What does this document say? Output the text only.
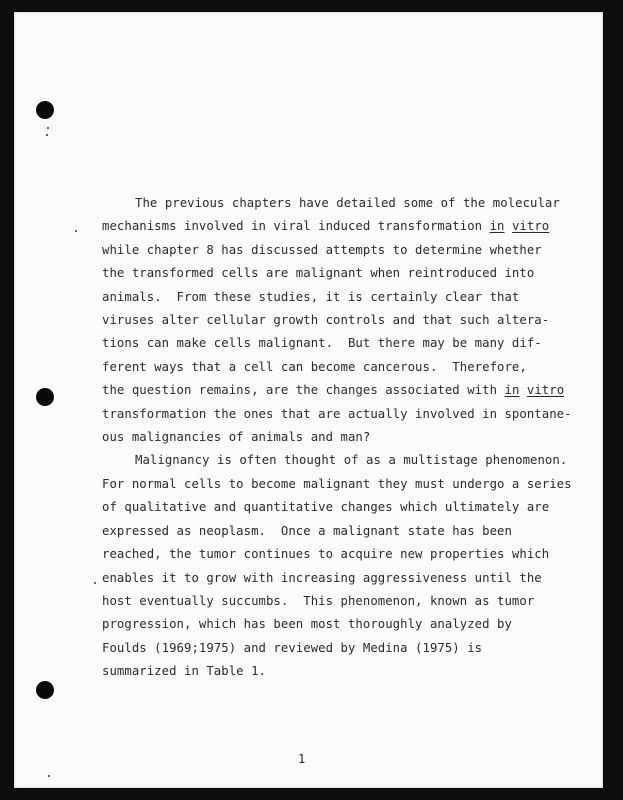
The previous chapters have detailed some of the molecular
mechanisms involved in viral induced transformation in vitro
while chapter 8 has discussed attempts to determine whether
the transformed cells are malignant when reintroduced into
animals.  From these studies, it is certainly clear that
viruses alter cellular growth controls and that such altera-
tions can make cells malignant.  But there may be many dif-
ferent ways that a cell can become cancerous.  Therefore,
the question remains, are the changes associated with in vitro
transformation the ones that are actually involved in spontane-
ous malignancies of animals and man?
Malignancy is often thought of as a multistage phenomenon.
For normal cells to become malignant they must undergo a series
of qualitative and quantitative changes which ultimately are
expressed as neoplasm.  Once a malignant state has been
reached, the tumor continues to acquire new properties which
enables it to grow with increasing aggressiveness until the
host eventually succumbs.  This phenomenon, known as tumor
progression, which has been most thoroughly analyzed by
Foulds (1969;1975) and reviewed by Medina (1975) is
summarized in Table 1.
1
